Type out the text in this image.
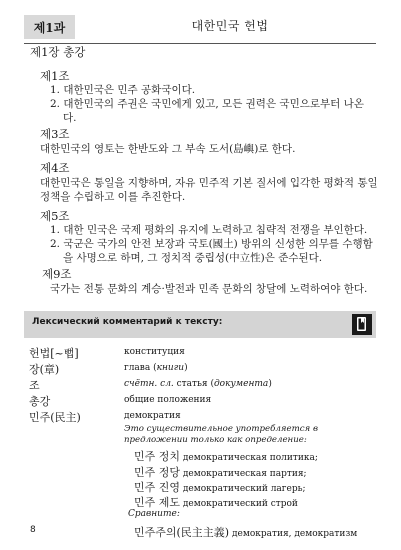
제1과	대한민국 헌법
제1장 총강
제1조
1. 대한민국은 민주 공화국이다.
2. 대한민국의 주권은 국민에게 있고, 모든 권력은 국민으로부터 나온다.
제3조
대한민국의 영토는 한반도와 그 부속 도서(島嶼)로 한다.
제4조
대한민국은 통일을 지향하며, 자유 민주적 기본 질서에 입각한 평화적 통일 정책을 수립하고 이를 추진한다.
제5조
1. 대한 민국은 국제 평화의 유지에 노력하고 침략적 전쟁을 부인한다.
2. 국군은 국가의 안전 보장과 국토(國土) 방위의 신성한 의무를 수행함을 사명으로 하며, 그 정치적 중립성(中立性)은 준수된다.
제9조
국가는 전통 문화의 계승·발전과 민족 문화의 창달에 노력하여야 한다.
Лексический комментарий к тексту:
헌법[~뻡]	конституция
장(章)	глава (книги)
조	счётн. сл. статья (документа)
총강	общие положения
민주(民主)	демократия
Это существительное употребляется в предложении только как определение:
민주 정치 демократическая политика;
민주 정당 демократическая партия;
민주 진영 демократический лагерь;
민주 제도 демократический строй
Сравните:
민주주의(民主主義) демократия, демократизм
8
